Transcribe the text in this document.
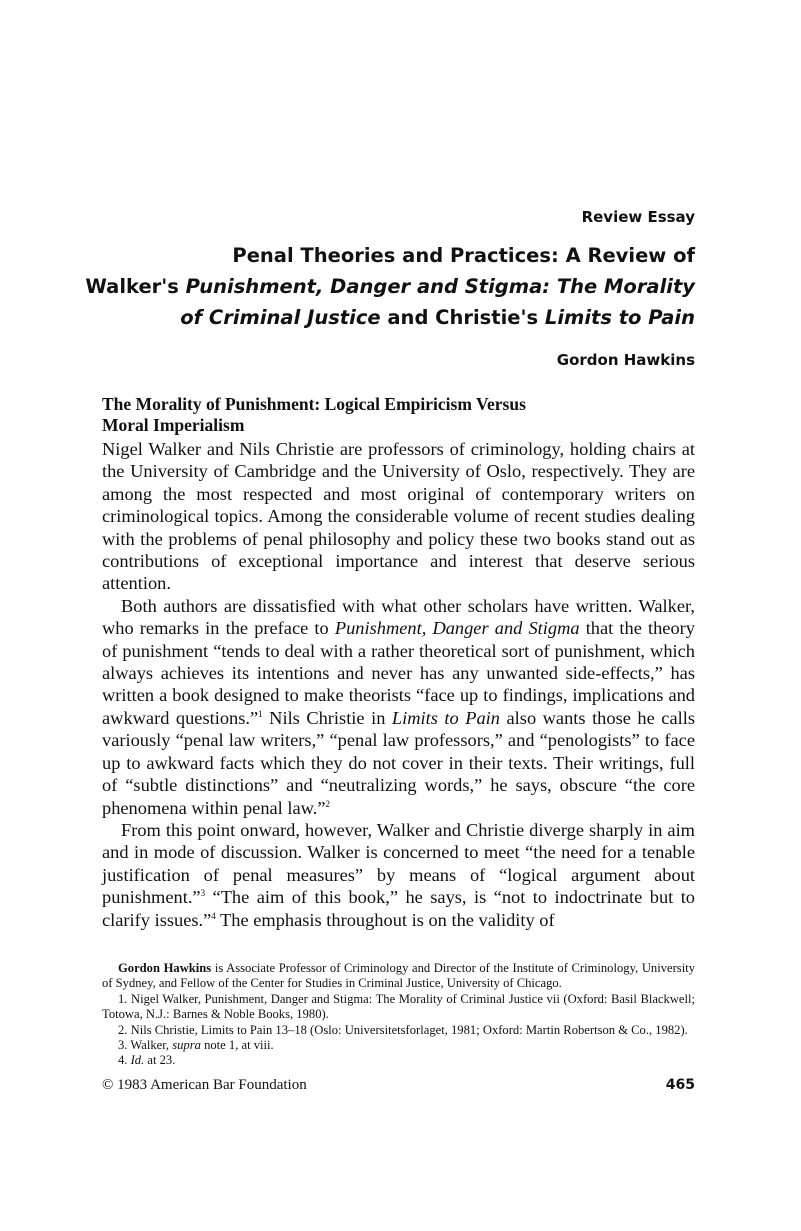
Review Essay
Penal Theories and Practices: A Review of
Walker's Punishment, Danger and Stigma: The Morality
of Criminal Justice and Christie's Limits to Pain
Gordon Hawkins
The Morality of Punishment: Logical Empiricism Versus
Moral Imperialism

Nigel Walker and Nils Christie are professors of criminology, holding chairs at the University of Cambridge and the University of Oslo, respectively. They are among the most respected and most original of contemporary writers on criminological topics. Among the considerable volume of recent studies dealing with the problems of penal philosophy and policy these two books stand out as contributions of exceptional importance and interest that deserve serious attention.

Both authors are dissatisfied with what other scholars have written. Walker, who remarks in the preface to Punishment, Danger and Stigma that the theory of punishment “tends to deal with a rather theoretical sort of punishment, which always achieves its intentions and never has any unwanted side-effects,” has written a book designed to make theorists “face up to findings, implications and awkward questions.”$^1$ Nils Christie in Limits to Pain also wants those he calls variously “penal law writers,” “penal law professors,” and “penologists” to face up to awkward facts which they do not cover in their texts. Their writings, full of “subtle distinctions” and “neutralizing words,” he says, obscure “the core phenomena within penal law.”$^2$

From this point onward, however, Walker and Christie diverge sharply in aim and in mode of discussion. Walker is concerned to meet “the need for a tenable justification of penal measures” by means of “logical argument about punishment.”$^3$ “The aim of this book,” he says, is “not to indoctrinate but to clarify issues.”$^4$ The emphasis throughout is on the validity of

Gordon Hawkins is Associate Professor of Criminology and Director of the Institute of Criminology, University of Sydney, and Fellow of the Center for Studies in Criminal Justice, University of Chicago.

1. Nigel Walker, Punishment, Danger and Stigma: The Morality of Criminal Justice vii (Oxford: Basil Blackwell; Totowa, N.J.: Barnes & Noble Books, 1980).

2. Nils Christie, Limits to Pain 13–18 (Oslo: Universitetsforlaget, 1981; Oxford: Martin Robertson & Co., 1982).

3. Walker, supra note 1, at viii.

4. Id. at 23.

© 1983 American Bar Foundation	465
